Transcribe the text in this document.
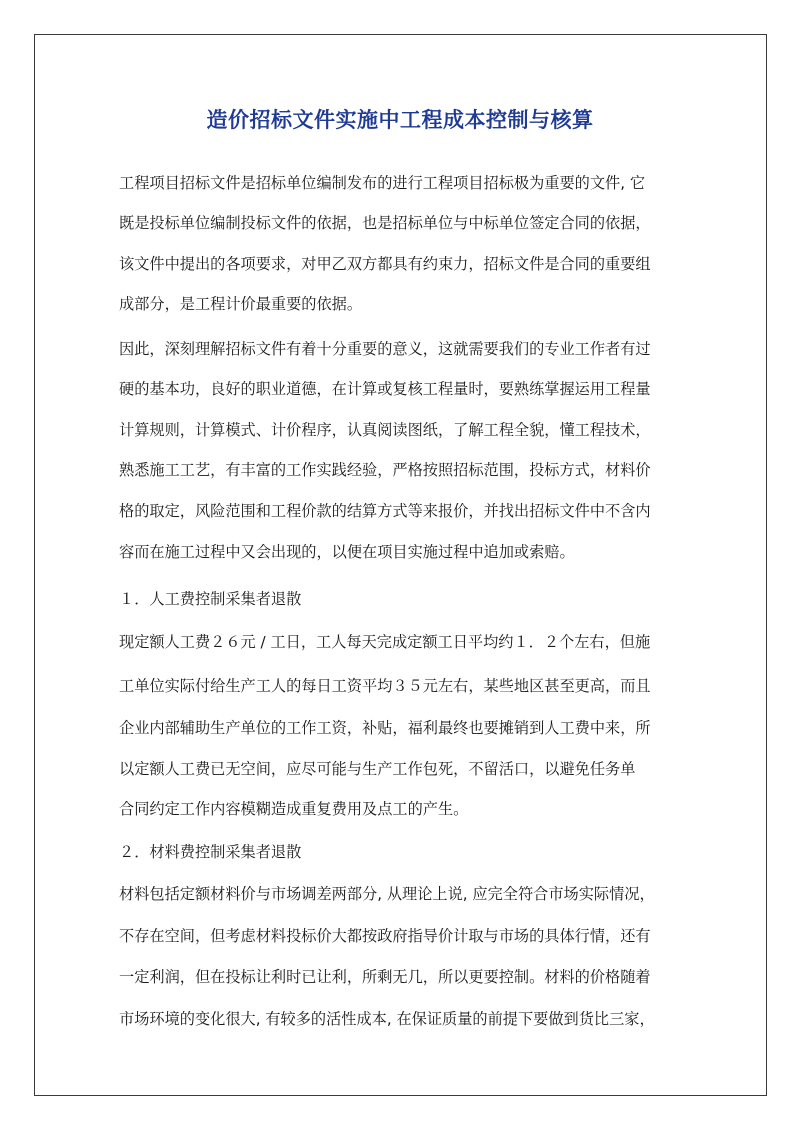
造价招标文件实施中工程成本控制与核算
工程项目招标文件是招标单位编制发布的进行工程项目招标极为重要的文件, 它
既是投标单位编制投标文件的依据，也是招标单位与中标单位签定合同的依据，
该文件中提出的各项要求，对甲乙双方都具有约束力，招标文件是合同的重要组
成部分，是工程计价最重要的依据。
因此，深刻理解招标文件有着十分重要的意义，这就需要我们的专业工作者有过
硬的基本功，良好的职业道德，在计算或复核工程量时，要熟练掌握运用工程量
计算规则，计算模式、计价程序，认真阅读图纸，了解工程全貌，懂工程技术，
熟悉施工工艺，有丰富的工作实践经验，严格按照招标范围，投标方式，材料价
格的取定，风险范围和工程价款的结算方式等来报价，并找出招标文件中不含内
容而在施工过程中又会出现的，以便在项目实施过程中追加或索赔。
１．人工费控制采集者退散
现定额人工费２６元 / 工日，工人每天完成定额工日平均约１．２个左右，但施
工单位实际付给生产工人的每日工资平均３５元左右，某些地区甚至更高，而且
企业内部辅助生产单位的工作工资，补贴，福利最终也要摊销到人工费中来，所
以定额人工费已无空间，应尽可能与生产工作包死，不留活口，以避免任务单
合同约定工作内容模糊造成重复费用及点工的产生。
２．材料费控制采集者退散
材料包括定额材料价与市场调差两部分, 从理论上说, 应完全符合市场实际情况，
不存在空间，但考虑材料投标价大都按政府指导价计取与市场的具体行情，还有
一定利润，但在投标让利时已让利，所剩无几，所以更要控制。材料的价格随着
市场环境的变化很大, 有较多的活性成本, 在保证质量的前提下要做到货比三家，
